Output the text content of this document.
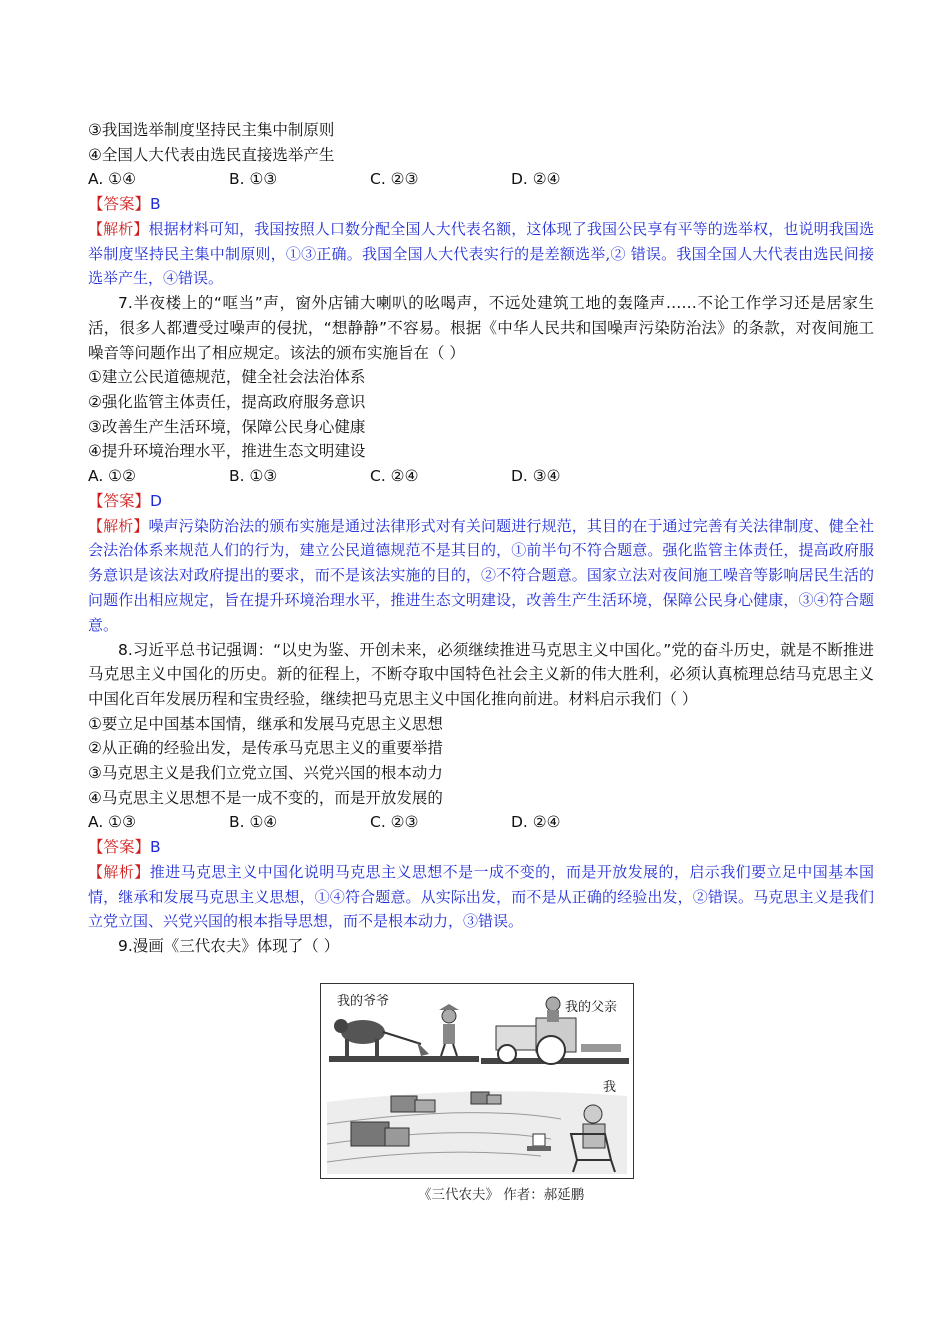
③我国选举制度坚持民主集中制原则
④全国人大代表由选民直接选举产生
A. ①④	B. ①③	C. ②③	D. ②④
【答案】B
【解析】根据材料可知，我国按照人口数分配全国人大代表名额，这体现了我国公民享有平等的选举权，也说明我国选举制度坚持民主集中制原则，①③正确。我国全国人大代表实行的是差额选举,② 错误。我国全国人大代表由选民间接选举产生，④错误。
7.半夜楼上的“哐当”声，窗外店铺大喇叭的吆喝声，不远处建筑工地的轰隆声……不论工作学习还是居家生活，很多人都遭受过噪声的侵扰，“想静静”不容易。根据《中华人民共和国噪声污染防治法》的条款，对夜间施工噪音等问题作出了相应规定。该法的颁布实施旨在（ ）
①建立公民道德规范，健全社会法治体系
②强化监管主体责任，提高政府服务意识
③改善生产生活环境，保障公民身心健康
④提升环境治理水平，推进生态文明建设
A. ①②	B. ①③	C. ②④	D. ③④
【答案】D
【解析】噪声污染防治法的颁布实施是通过法律形式对有关问题进行规范，其目的在于通过完善有关法律制度、健全社会法治体系来规范人们的行为，建立公民道德规范不是其目的，①前半句不符合题意。强化监管主体责任，提高政府服务意识是该法对政府提出的要求，而不是该法实施的目的，②不符合题意。国家立法对夜间施工噪音等影响居民生活的问题作出相应规定，旨在提升环境治理水平，推进生态文明建设，改善生产生活环境，保障公民身心健康，③④符合题意。
8.习近平总书记强调：“以史为鉴、开创未来，必须继续推进马克思主义中国化。”党的奋斗历史，就是不断推进马克思主义中国化的历史。新的征程上，不断夺取中国特色社会主义新的伟大胜利，必须认真梳理总结马克思主义中国化百年发展历程和宝贵经验，继续把马克思主义中国化推向前进。材料启示我们（ ）
①要立足中国基本国情，继承和发展马克思主义思想
②从正确的经验出发，是传承马克思主义的重要举措
③马克思主义是我们立党立国、兴党兴国的根本动力
④马克思主义思想不是一成不变的，而是开放发展的
A. ①③	B. ①④	C. ②③	D. ②④
【答案】B
【解析】推进马克思主义中国化说明马克思主义思想不是一成不变的，而是开放发展的，启示我们要立足中国基本国情，继承和发展马克思主义思想，①④符合题意。从实际出发，而不是从正确的经验出发，②错误。马克思主义是我们立党立国、兴党兴国的根本指导思想，而不是根本动力，③错误。
9.漫画《三代农夫》体现了（ ）
我的爷爷	我的父亲
我
《三代农夫》 作者：郝延鹏
